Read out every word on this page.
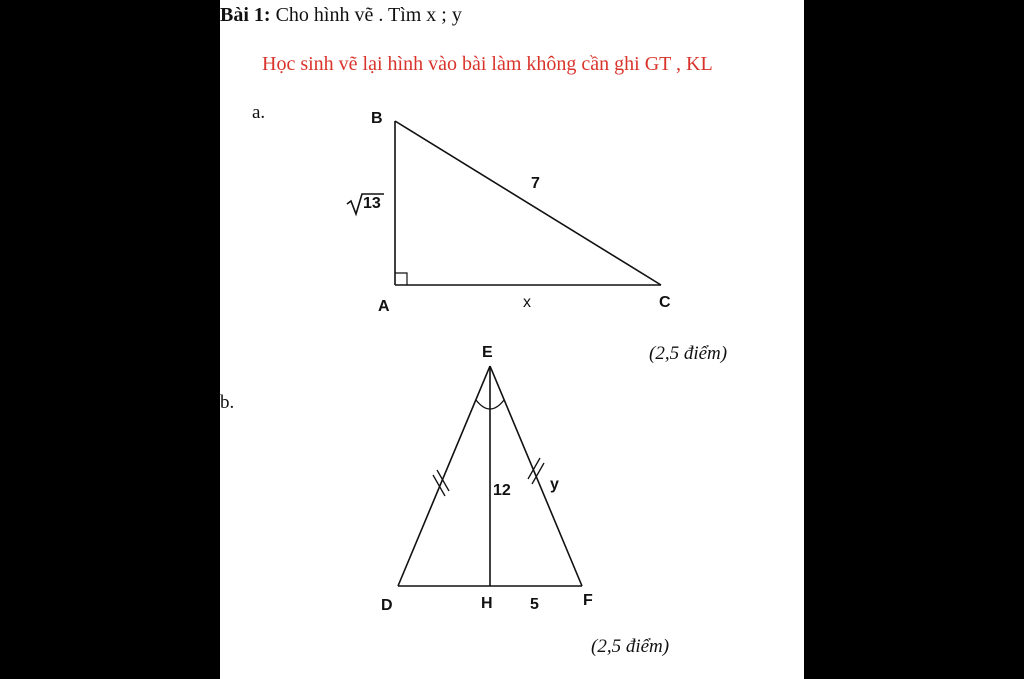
Bài 1: Cho hình vẽ . Tìm x ; y
Học sinh vẽ lại hình vào bài làm không cần ghi GT , KL
a.	B
13
7
A	x	C
(2,5 điểm)
b.
E
12 y
D	H 5	F
(2,5 điểm)
